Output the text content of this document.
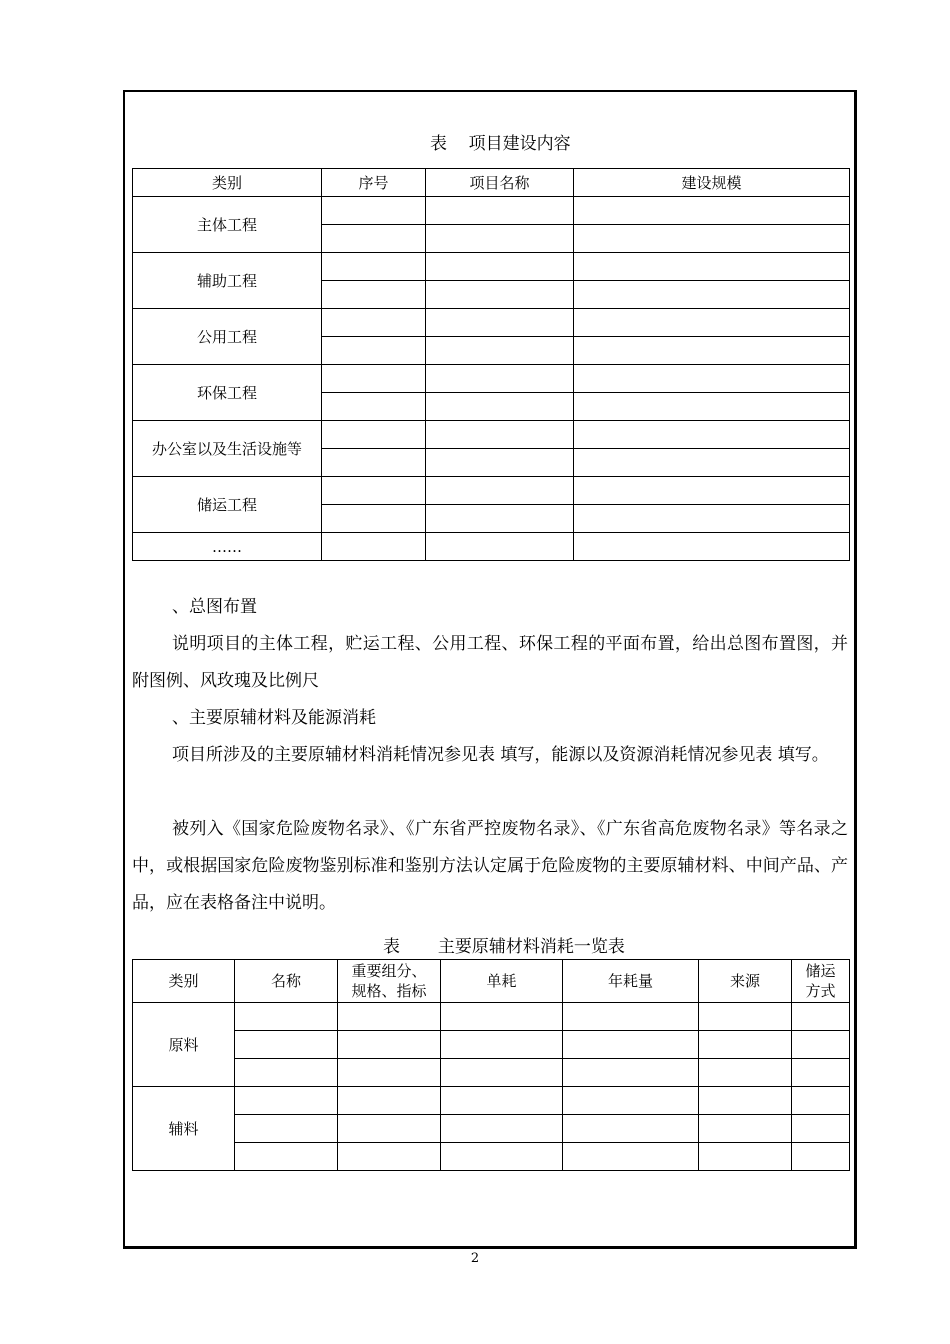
表    项目建设内容
类别	序号	项目名称	建设规模
主体工程			

辅助工程			

公用工程			

环保工程			

办公室以及生活设施等			

储运工程			

……			
、总图布置
说明项目的主体工程，贮运工程、公用工程、环保工程的平面布置，给出总图布置图，并附图例、风玫瑰及比例尺
、主要原辅材料及能源消耗
项目所涉及的主要原辅材料消耗情况参见表 填写，能源以及资源消耗情况参见表 填写。
被列入《国家危险废物名录》、《广东省严控废物名录》、《广东省高危废物名录》等名录之中，或根据国家危险废物鉴别标准和鉴别方法认定属于危险废物的主要原辅材料、中间产品、产品，应在表格备注中说明。
表       主要原辅材料消耗一览表
类别	名称	重要组分、规格、指标	单耗	年耗量	来源	储运方式
原料						

辅料						

2
